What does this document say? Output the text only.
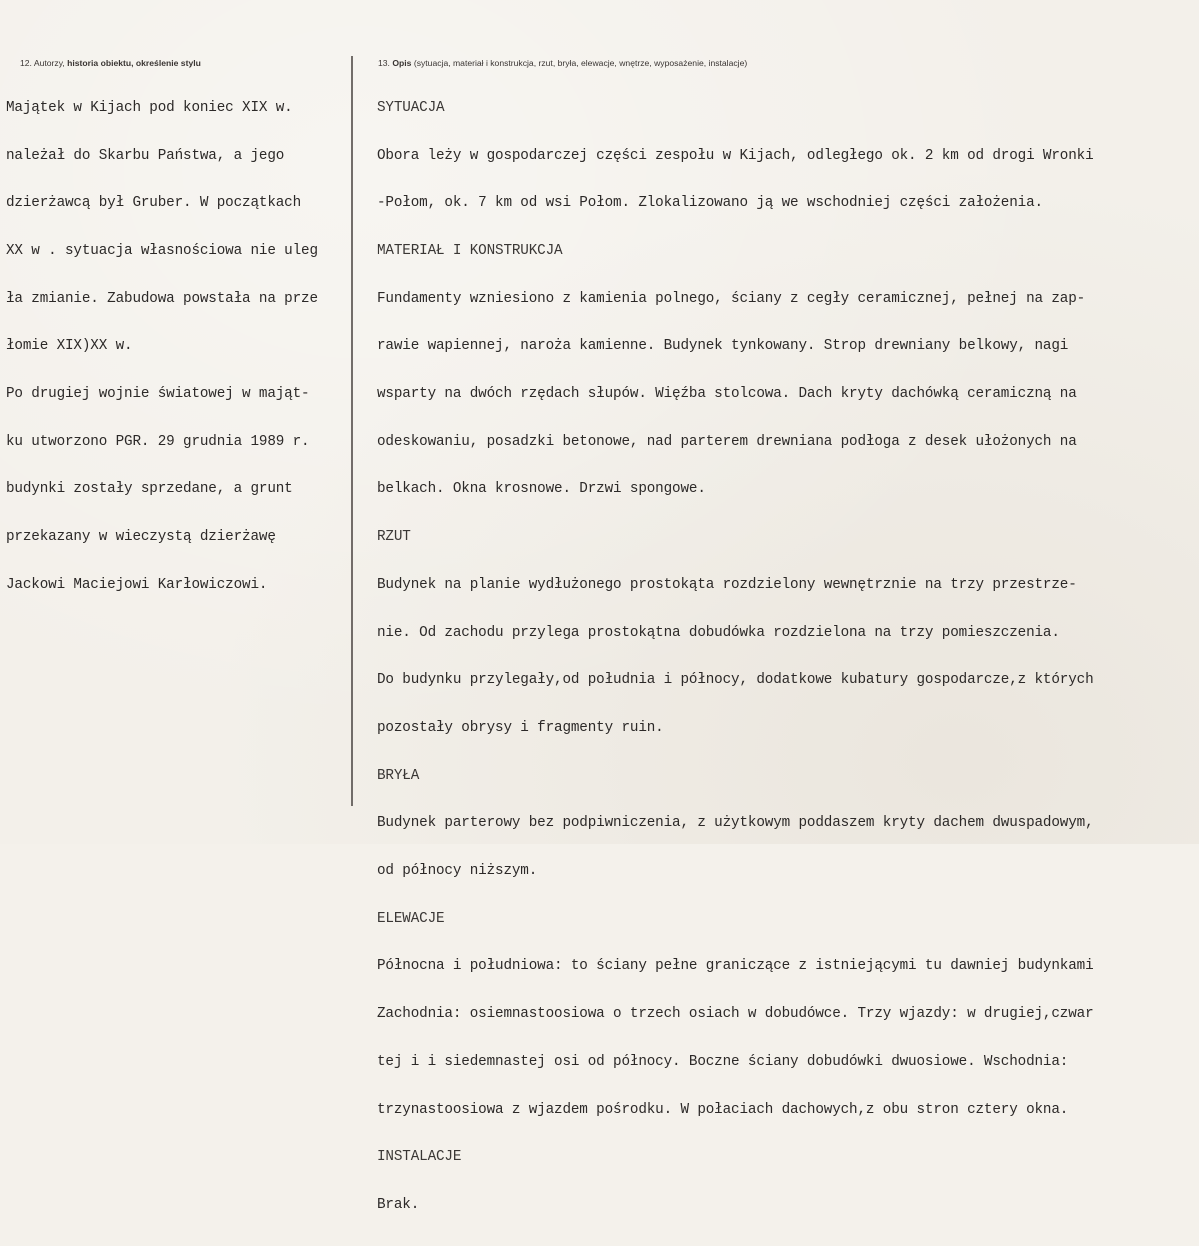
12. Autorzy, historia obiektu, określenie stylu	13. Opis (sytuacja, materiał i konstrukcja, rzut, bryła, elewacje, wnętrze, wyposażenie, instalacje)

Majątek w Kijach pod koniec XIX w.

należał do Skarbu Państwa, a jego

dzierżawcą był Gruber. W początkach

XX w . sytuacja własnościowa nie uleg

ła zmianie. Zabudowa powstała na prze

łomie XIX)XX w.

Po drugiej wojnie światowej w mająt-

ku utworzono PGR. 29 grudnia 1989 r.

budynki zostały sprzedane, a grunt

przekazany w wieczystą dzierżawę

Jackowi Maciejowi Karłowiczowi.

SYTUACJA

Obora leży w gospodarczej części zespołu w Kijach, odległego ok. 2 km od drogi Wronki

-Połom, ok. 7 km od wsi Połom. Zlokalizowano ją we wschodniej części założenia.

MATERIAŁ I KONSTRUKCJA

Fundamenty wzniesiono z kamienia polnego, ściany z cegły ceramicznej, pełnej na zap-

rawie wapiennej, naroża kamienne. Budynek tynkowany. Strop drewniany belkowy, nagi

wsparty na dwóch rzędach słupów. Więźba stolcowa. Dach kryty dachówką ceramiczną na

odeskowaniu, posadzki betonowe, nad parterem drewniana podłoga z desek ułożonych na

belkach. Okna krosnowe. Drzwi spongowe.

RZUT

Budynek na planie wydłużonego prostokąta rozdzielony wewnętrznie na trzy przestrze-

nie. Od zachodu przylega prostokątna dobudówka rozdzielona na trzy pomieszczenia.

Do budynku przylegały,od południa i północy, dodatkowe kubatury gospodarcze,z których

pozostały obrysy i fragmenty ruin.

BRYŁA

Budynek parterowy bez podpiwniczenia, z użytkowym poddaszem kryty dachem dwuspadowym,

od północy niższym.

ELEWACJE

Północna i południowa: to ściany pełne graniczące z istniejącymi tu dawniej budynkami

Zachodnia: osiemnastoosiowa o trzech osiach w dobudówce. Trzy wjazdy: w drugiej,czwar

tej i i siedemnastej osi od północy. Boczne ściany dobudówki dwuosiowe. Wschodnia:

trzynastoosiowa z wjazdem pośrodku. W połaciach dachowych,z obu stron cztery okna.

INSTALACJE

Brak.
